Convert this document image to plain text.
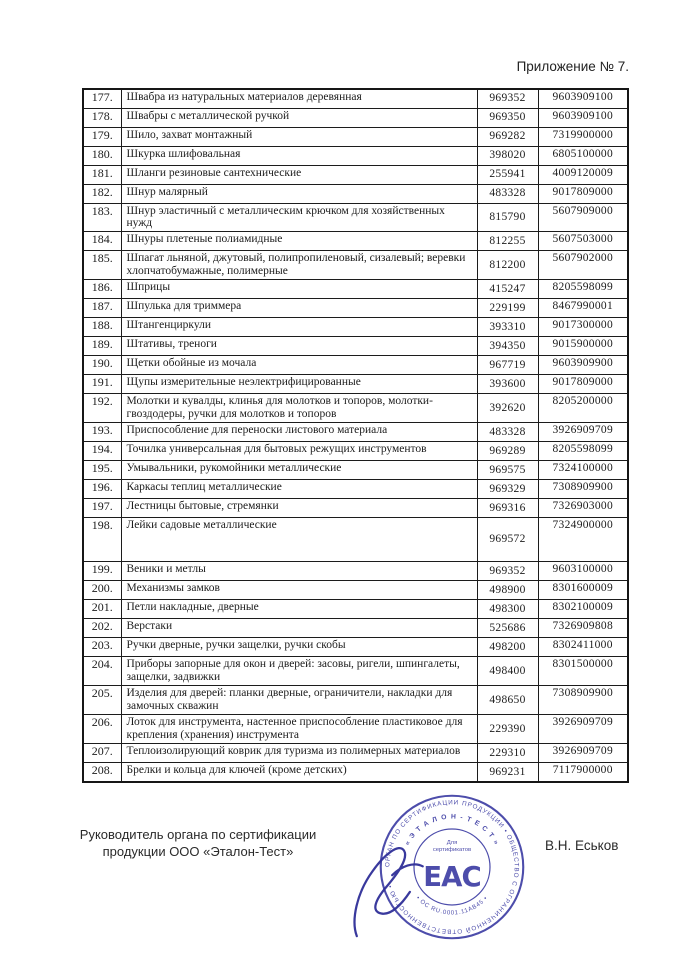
Приложение № 7.
177.	Швабра из натуральных материалов деревянная	969352	9603909100
178.	Швабры с металлической ручкой	969350	9603909100
179.	Шило, захват монтажный	969282	7319900000
180.	Шкурка шлифовальная	398020	6805100000
181.	Шланги резиновые сантехнические	255941	4009120009
182.	Шнур малярный	483328	9017809000
183.	Шнур эластичный с металлическим крючком для хозяйственных нужд	815790	5607909000
184.	Шнуры плетеные полиамидные	812255	5607503000
185.	Шпагат льняной, джутовый, полипропиленовый, сизалевый; веревки хлопчатобумажные, полимерные	812200	5607902000
186.	Шприцы	415247	8205598099
187.	Шпулька для триммера	229199	8467990001
188.	Штангенциркули	393310	9017300000
189.	Штативы, треноги	394350	9015900000
190.	Щетки обойные из мочала	967719	9603909900
191.	Щупы измерительные неэлектрифицированные	393600	9017809000
192.	Молотки и кувалды, клинья для молотков и топоров, молотки-гвоздодеры, ручки для молотков и топоров	392620	8205200000
193.	Приспособление для переноски листового материала	483328	3926909709
194.	Точилка универсальная для бытовых режущих инструментов	969289	8205598099
195.	Умывальники, рукомойники металлические	969575	7324100000
196.	Каркасы теплиц металлические	969329	7308909900
197.	Лестницы бытовые, стремянки	969316	7326903000
198.	Лейки садовые металлические	969572	7324900000
199.	Веники и метлы	969352	9603100000
200.	Механизмы замков	498900	8301600009
201.	Петли накладные, дверные	498300	8302100009
202.	Верстаки	525686	7326909808
203.	Ручки дверные, ручки защелки, ручки скобы	498200	8302411000
204.	Приборы запорные для окон и дверей: засовы, ригели, шпингалеты, защелки, задвижки	498400	8301500000
205.	Изделия для дверей: планки дверные, ограничители, накладки для замочных скважин	498650	7308909900
206.	Лоток для инструмента, настенное приспособление пластиковое для крепления (хранения) инструмента	229390	3926909709
207.	Теплоизолирующий коврик для туризма из полимерных материалов	229310	3926909709
208.	Брелки и кольца для ключей (кроме детских)	969231	7117900000
Руководитель органа по сертификации
продукции ООО «Эталон-Тест»
ОРГАН ПО СЕРТИФИКАЦИИ ПРОДУКЦИИ • ОБЩЕСТВО С ОГРАНИЧЕННОЙ ОТВЕТСТВЕННОСТЬЮ •
« Э Т А Л О Н - Т Е С Т »
• ОС RU.0001.11АВ45 •
Для
сертификатов
ЕАС
В.Н. Еськов
